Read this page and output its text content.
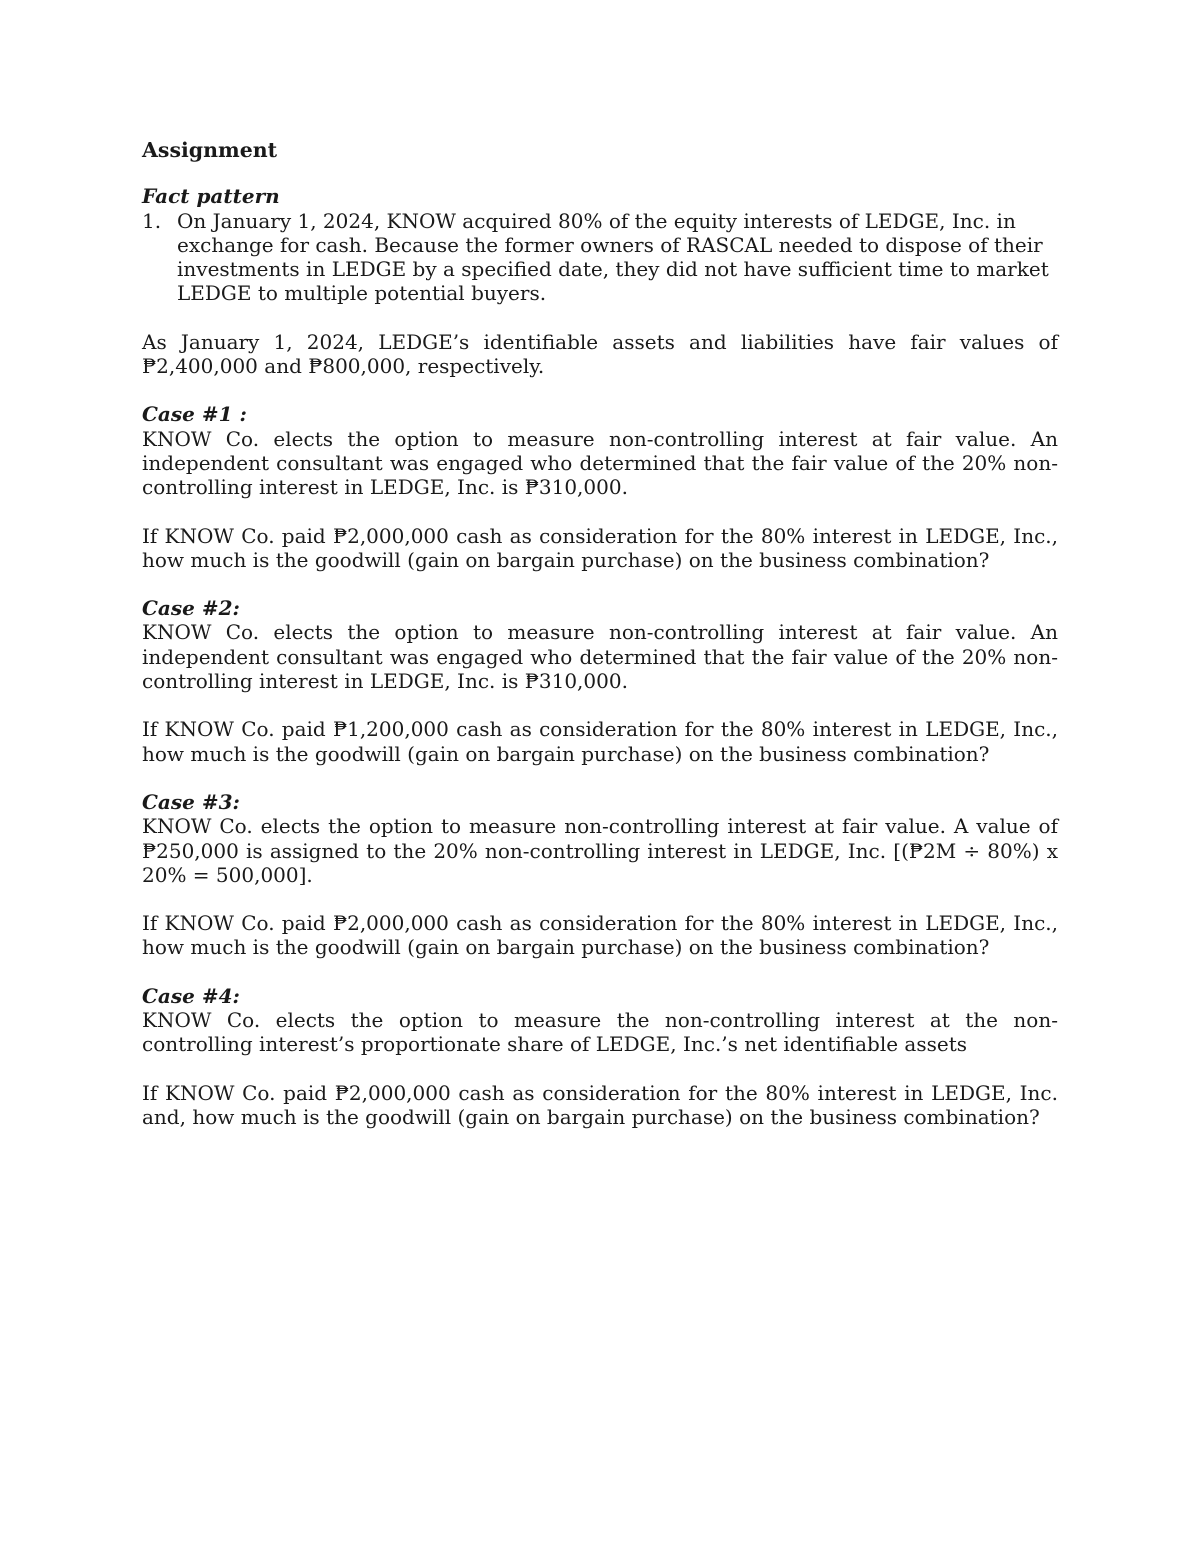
Assignment

Fact pattern

1. On January 1, 2024, KNOW acquired 80% of the equity interests of LEDGE, Inc. in exchange for cash. Because the former owners of RASCAL needed to dispose of their investments in LEDGE by a specified date, they did not have sufficient time to market LEDGE to multiple potential buyers.

As January 1, 2024, LEDGE’s identifiable assets and liabilities have fair values of ₱2,400,000 and ₱800,000, respectively.

Case #1 :

KNOW Co. elects the option to measure non-controlling interest at fair value. An independent consultant was engaged who determined that the fair value of the 20% non-controlling interest in LEDGE, Inc. is ₱310,000.

If KNOW Co. paid ₱2,000,000 cash as consideration for the 80% interest in LEDGE, Inc., how much is the goodwill (gain on bargain purchase) on the business combination?

Case #2:

KNOW Co. elects the option to measure non-controlling interest at fair value. An independent consultant was engaged who determined that the fair value of the 20% non-controlling interest in LEDGE, Inc. is ₱310,000.

If KNOW Co. paid ₱1,200,000 cash as consideration for the 80% interest in LEDGE, Inc., how much is the goodwill (gain on bargain purchase) on the business combination?

Case #3:

KNOW Co. elects the option to measure non-controlling interest at fair value. A value of ₱250,000 is assigned to the 20% non-controlling interest in LEDGE, Inc. [(₱2M ÷ 80%) x 20% = 500,000].

If KNOW Co. paid ₱2,000,000 cash as consideration for the 80% interest in LEDGE, Inc., how much is the goodwill (gain on bargain purchase) on the business combination?

Case #4:

KNOW Co. elects the option to measure the non-controlling interest at the non-controlling interest’s proportionate share of LEDGE, Inc.’s net identifiable assets

If KNOW Co. paid ₱2,000,000 cash as consideration for the 80% interest in LEDGE, Inc. and, how much is the goodwill (gain on bargain purchase) on the business combination?
